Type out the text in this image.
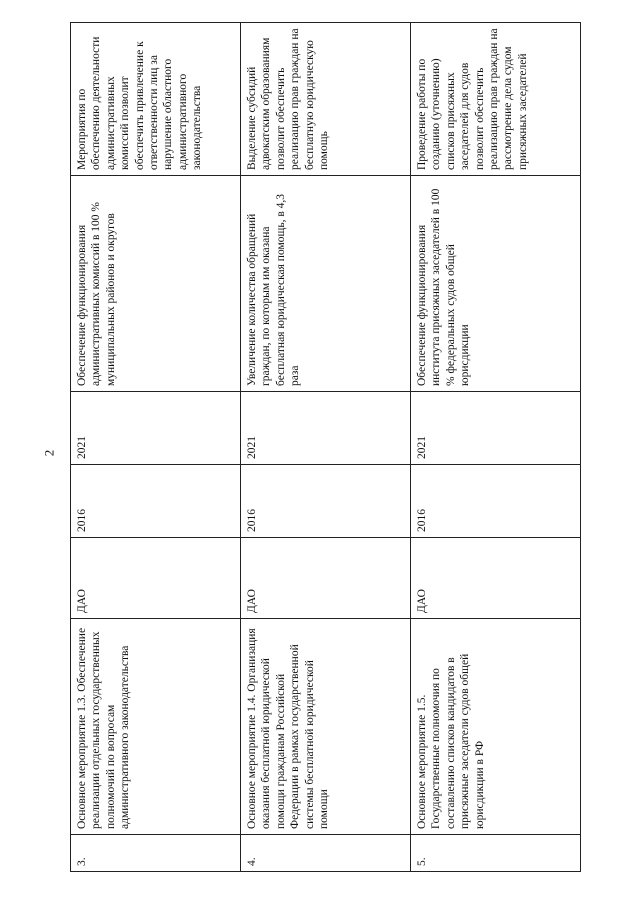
2
3.	Основное мероприятие 1.3. Обеспечение реализации отдельных государственных полномочий по вопросам административного законодательства	ДАО	2016	2021	Обеспечение функционирования административных комиссий в 100 % муниципальных районов и округов	Мероприятия по обеспечению деятельности административных комиссий позволит обеспечить привлечение к ответственности лиц за нарушение областного административного законодательства
4.	Основное мероприятие 1.4. Организация оказания бесплатной юридической помощи гражданам Российской Федерации в рамках государственной системы бесплатной юридической помощи	ДАО	2016	2021	Увеличение количества обращений граждан, по которым им оказана бесплатная юридическая помощь, в 4,3 раза	Выделение субсидий адвокатским образованиям позволит обеспечить реализацию прав граждан на бесплатную юридическую помощь
5.	Основное мероприятие 1.5. Государственные полномочия по составлению списков кандидатов в присяжные заседатели судов общей юрисдикции в РФ	ДАО	2016	2021	Обеспечение функционирования института присяжных заседателей в 100 % федеральных судов общей юрисдикции	Проведение работы по созданию (уточнению) списков присяжных заседателей для судов позволит обеспечить реализацию прав граждан на рассмотрение дела судом присяжных заседателей
